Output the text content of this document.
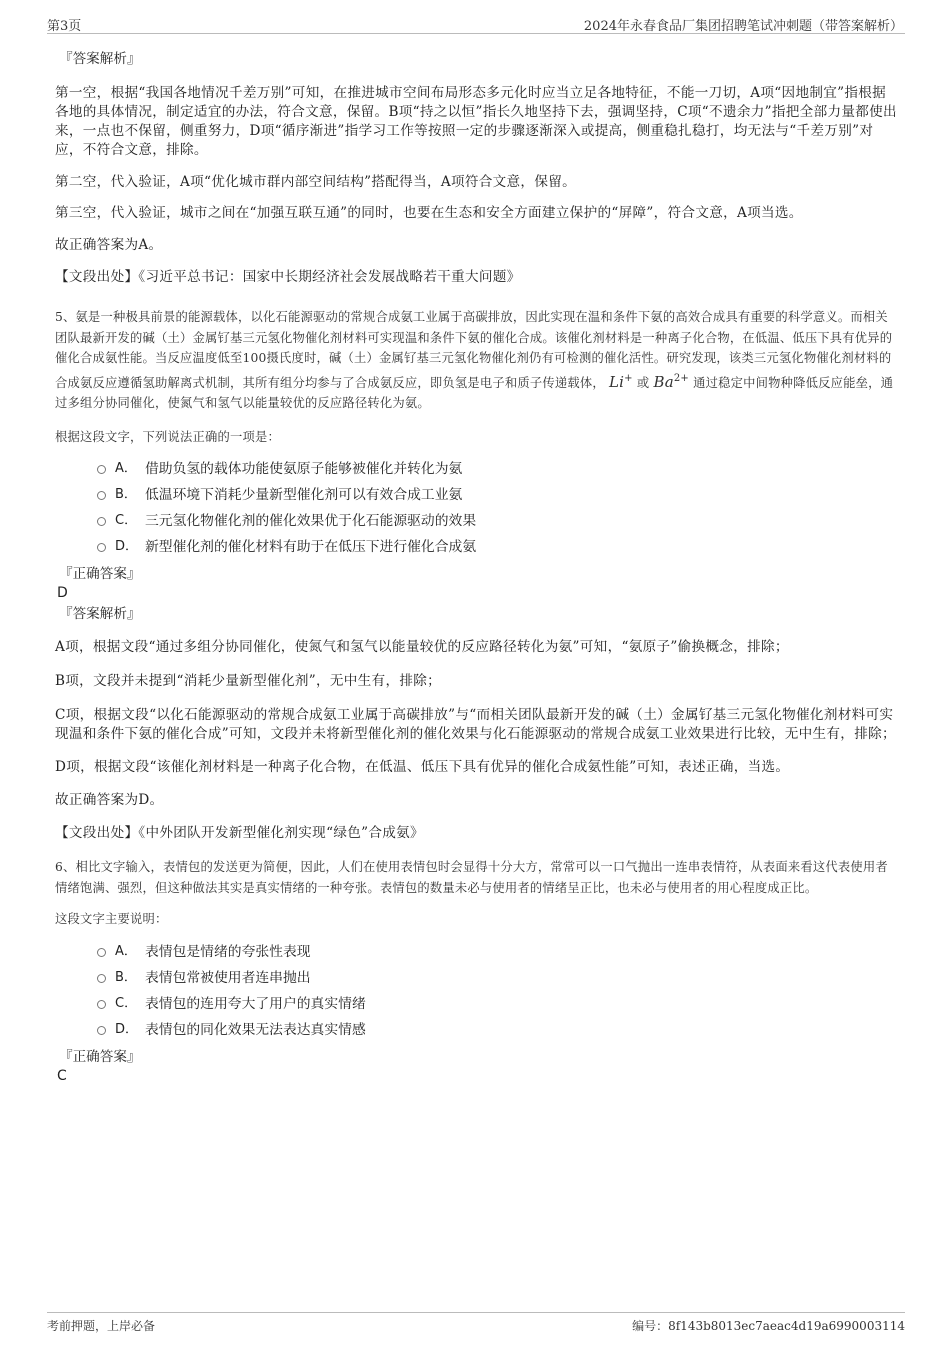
第3页	2024年永春食品厂集团招聘笔试冲刺题（带答案解析）
『答案解析』
第一空，根据“我国各地情况千差万别”可知，在推进城市空间布局形态多元化时应当立足各地特征，不能一刀切，A项“因地制宜”指根据各地的具体情况，制定适宜的办法，符合文意，保留。B项“持之以恒”指长久地坚持下去，强调坚持，C项“不遗余力”指把全部力量都使出来，一点也不保留，侧重努力，D项“循序渐进”指学习工作等按照一定的步骤逐渐深入或提高，侧重稳扎稳打，均无法与“千差万别”对应，不符合文意，排除。
第二空，代入验证，A项“优化城市群内部空间结构”搭配得当，A项符合文意，保留。
第三空，代入验证，城市之间在“加强互联互通”的同时，也要在生态和安全方面建立保护的“屏障”，符合文意，A项当选。
故正确答案为A。
【文段出处】《习近平总书记：国家中长期经济社会发展战略若干重大问题》
5、氨是一种极具前景的能源载体，以化石能源驱动的常规合成氨工业属于高碳排放，因此实现在温和条件下氨的高效合成具有重要的科学意义。而相关团队最新开发的碱（土）金属钌基三元氢化物催化剂材料可实现温和条件下氨的催化合成。该催化剂材料是一种离子化合物，在低温、低压下具有优异的催化合成氨性能。当反应温度低至100摄氏度时，碱（土）金属钌基三元氢化物催化剂仍有可检测的催化活性。研究发现，该类三元氢化物催化剂材料的合成氨反应遵循氢助解离式机制，其所有组分均参与了合成氨反应，即负氢是电子和质子传递载体， Li+ 或 $Ba^{2+}$ 通过稳定中间物种降低反应能垒，通过多组分协同催化，使氮气和氢气以能量较优的反应路径转化为氨。
根据这段文字，下列说法正确的一项是：
A． 借助负氢的载体功能使氨原子能够被催化并转化为氨
B． 低温环境下消耗少量新型催化剂可以有效合成工业氨
C． 三元氢化物催化剂的催化效果优于化石能源驱动的效果
D． 新型催化剂的催化材料有助于在低压下进行催化合成氨
『正确答案』
D
『答案解析』
A项，根据文段“通过多组分协同催化，使氮气和氢气以能量较优的反应路径转化为氨”可知，“氨原子”偷换概念，排除；
B项，文段并未提到“消耗少量新型催化剂”，无中生有，排除；
C项，根据文段“以化石能源驱动的常规合成氨工业属于高碳排放”与“而相关团队最新开发的碱（土）金属钌基三元氢化物催化剂材料可实现温和条件下氨的催化合成”可知，文段并未将新型催化剂的催化效果与化石能源驱动的常规合成氨工业效果进行比较，无中生有，排除；
D项，根据文段“该催化剂材料是一种离子化合物，在低温、低压下具有优异的催化合成氨性能”可知，表述正确，当选。
故正确答案为D。
【文段出处】《中外团队开发新型催化剂实现“绿色”合成氨》
6、相比文字输入，表情包的发送更为简便，因此，人们在使用表情包时会显得十分大方，常常可以一口气抛出一连串表情符，从表面来看这代表使用者情绪饱满、强烈，但这种做法其实是真实情绪的一种夸张。表情包的数量未必与使用者的情绪呈正比，也未必与使用者的用心程度成正比。
这段文字主要说明：
A． 表情包是情绪的夸张性表现
B． 表情包常被使用者连串抛出
C． 表情包的连用夸大了用户的真实情绪
D． 表情包的同化效果无法表达真实情感
『正确答案』
C
考前押题，上岸必备	编号：8f143b8013ec7aeac4d19a6990003114
